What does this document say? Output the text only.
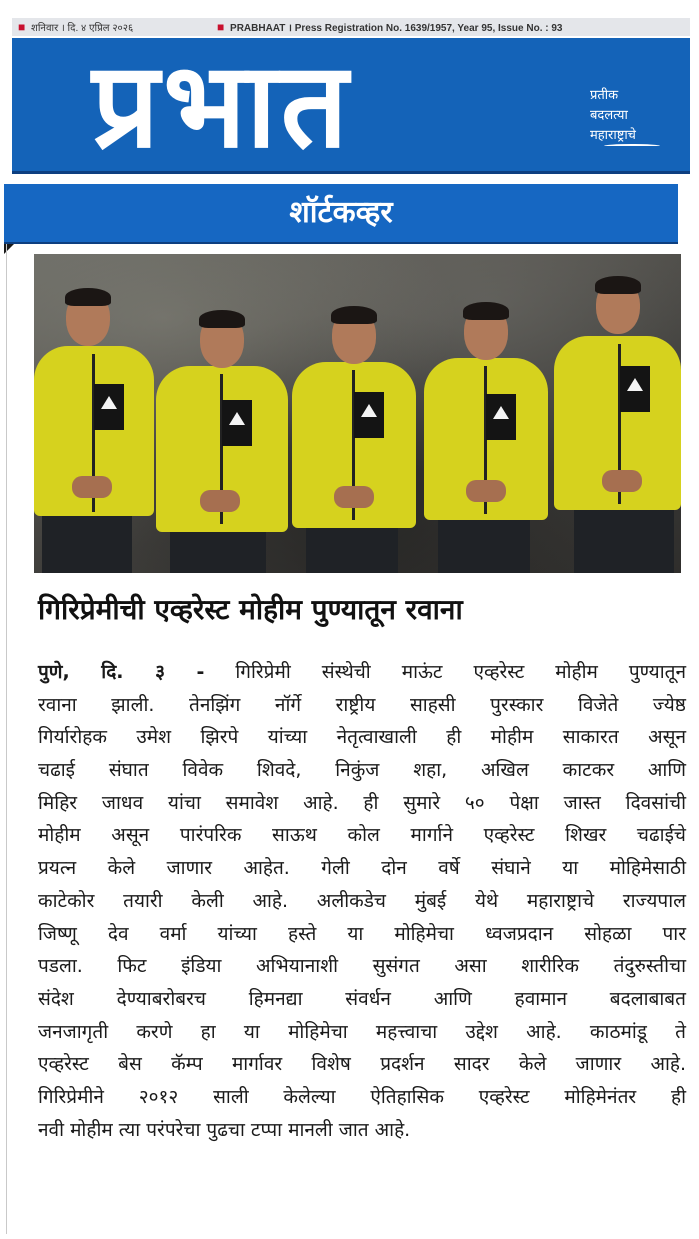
■ शनिवार । दि. ४ एप्रिल २०२६	■ PRABHAAT । Press Registration No. 1639/1957, Year 95, Issue No. : 93
प्रभात	प्रतीक
बदलत्या
महाराष्ट्राचे
शॉर्टकव्हर
गिरिप्रेमीची एव्हरेस्ट मोहीम पुण्यातून रवाना
पुणे, दि. ३ - गिरिप्रेमी संस्थेची माऊंट एव्हरेस्ट मोहीम पुण्यातून
रवाना झाली. तेनझिंग नॉर्गे राष्ट्रीय साहसी पुरस्कार विजेते ज्येष्ठ
गिर्यारोहक उमेश झिरपे यांच्या नेतृत्वाखाली ही मोहीम साकारत असून
चढाई संघात विवेक शिवदे, निकुंज शहा, अखिल काटकर आणि
मिहिर जाधव यांचा समावेश आहे. ही सुमारे ५० पेक्षा जास्त दिवसांची
मोहीम असून पारंपरिक साऊथ कोल मार्गाने एव्हरेस्ट शिखर चढाईचे
प्रयत्न केले जाणार आहेत. गेली दोन वर्षे संघाने या मोहिमेसाठी
काटेकोर तयारी केली आहे. अलीकडेच मुंबई येथे महाराष्ट्राचे राज्यपाल
जिष्णू देव वर्मा यांच्या हस्ते या मोहिमेचा ध्वजप्रदान सोहळा पार
पडला. फिट इंडिया अभियानाशी सुसंगत असा शारीरिक तंदुरुस्तीचा
संदेश देण्याबरोबरच हिमनद्या संवर्धन आणि हवामान बदलाबाबत
जनजागृती करणे हा या मोहिमेचा महत्त्वाचा उद्देश आहे. काठमांडू ते
एव्हरेस्ट बेस कॅम्प मार्गावर विशेष प्रदर्शन सादर केले जाणार आहे.
गिरिप्रेमीने २०१२ साली केलेल्या ऐतिहासिक एव्हरेस्ट मोहिमेनंतर ही
नवी मोहीम त्या परंपरेचा पुढचा टप्पा मानली जात आहे.
